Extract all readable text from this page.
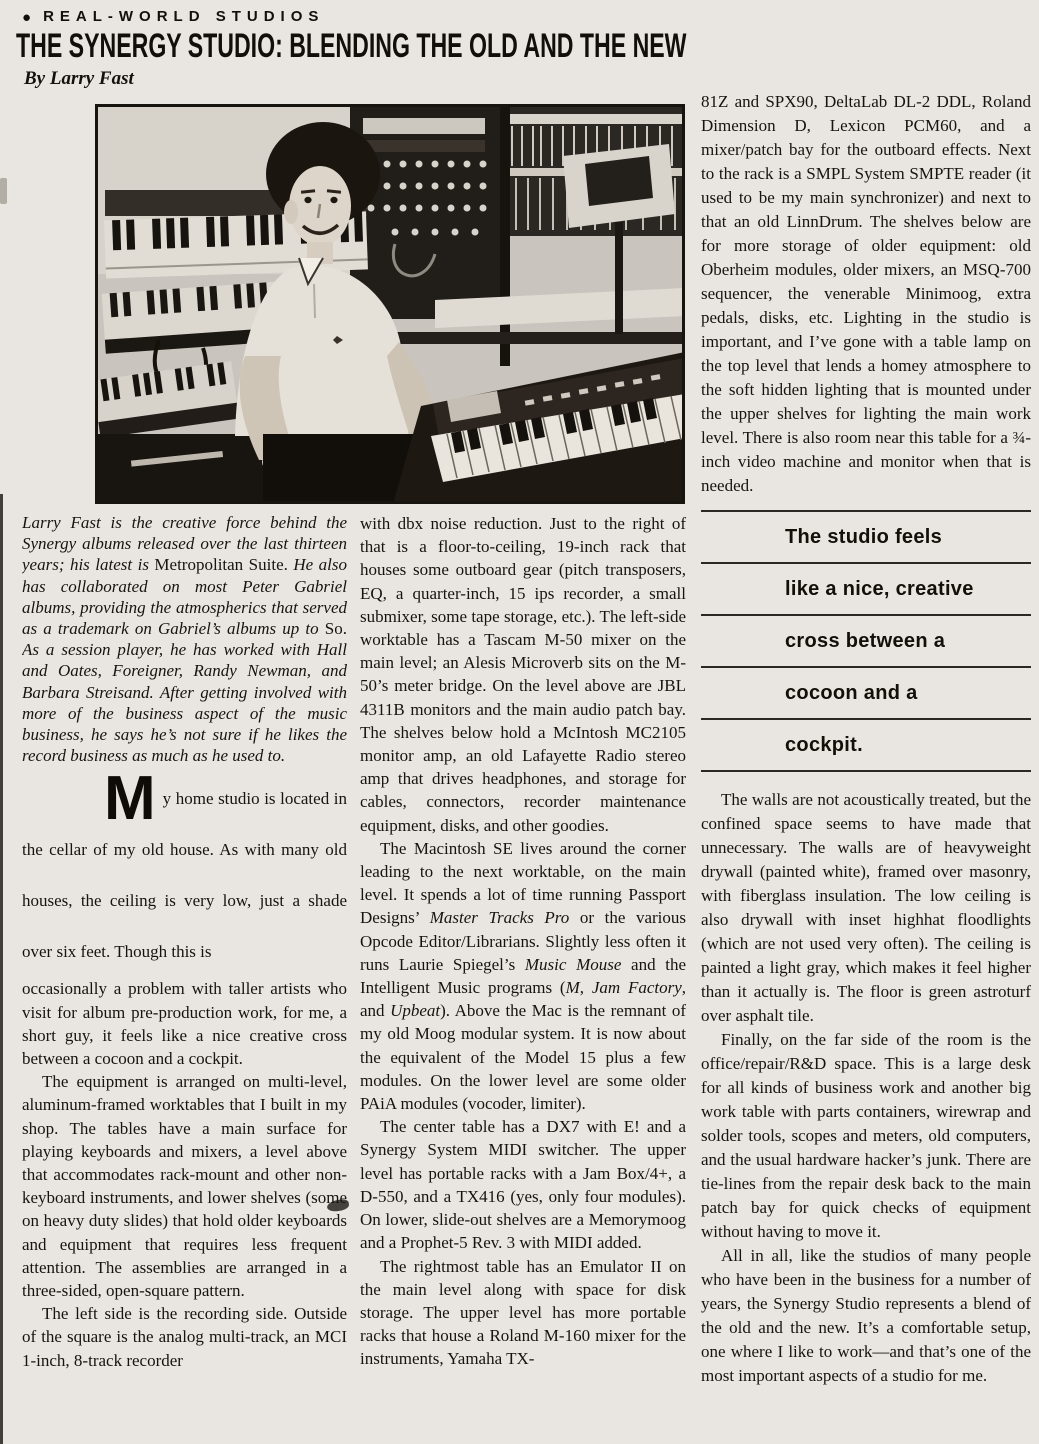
● REAL-WORLD STUDIOS
THE SYNERGY STUDIO: BLENDING THE OLD AND THE NEW
By Larry Fast
Larry Fast is the creative force behind the Synergy albums released over the last thirteen years; his latest is Metropolitan Suite. He also has collaborated on most Peter Gabriel albums, providing the atmospherics that served as a trademark on Gabriel’s albums up to So. As a session player, he has worked with Hall and Oates, Foreigner, Randy Newman, and Barbara Streisand. After getting involved with more of the business aspect of the music business, he says he’s not sure if he likes the record business as much as he used to.
My home studio is located in the cellar of my old house. As with many old houses, the ceiling is very low, just a shade over six feet. Though this is
occasionally a problem with taller artists who visit for album pre-production work, for me, a short guy, it feels like a nice creative cross between a cocoon and a cockpit.
The equipment is arranged on multi-level, aluminum-framed worktables that I built in my shop. The tables have a main surface for playing keyboards and mixers, a level above that accommodates rack-mount and other non-keyboard instruments, and lower shelves (some on heavy duty slides) that hold older keyboards and equipment that requires less frequent attention. The assemblies are arranged in a three-sided, open-square pattern.
The left side is the recording side. Outside of the square is the analog multi-track, an MCI 1-inch, 8-track recorder
with dbx noise reduction. Just to the right of that is a floor-to-ceiling, 19-inch rack that houses some outboard gear (pitch transposers, EQ, a quarter-inch, 15 ips recorder, a small submixer, some tape storage, etc.). The left-side worktable has a Tascam M-50 mixer on the main level; an Alesis Microverb sits on the M-50’s meter bridge. On the level above are JBL 4311B monitors and the main audio patch bay. The shelves below hold a McIntosh MC2105 monitor amp, an old Lafayette Radio stereo amp that drives headphones, and storage for cables, connectors, recorder maintenance equipment, disks, and other goodies.
The Macintosh SE lives around the corner leading to the next worktable, on the main level. It spends a lot of time running Passport Designs’ Master Tracks Pro or the various Opcode Editor/Librarians. Slightly less often it runs Laurie Spiegel’s Music Mouse and the Intelligent Music programs (M, Jam Factory, and Upbeat). Above the Mac is the remnant of my old Moog modular system. It is now about the equivalent of the Model 15 plus a few modules. On the lower level are some older PAiA modules (vocoder, limiter).
The center table has a DX7 with E! and a Synergy System MIDI switcher. The upper level has portable racks with a Jam Box/4+, a D-550, and a TX416 (yes, only four modules). On lower, slide-out shelves are a Memorymoog and a Prophet-5 Rev. 3 with MIDI added.
The rightmost table has an Emulator II on the main level along with space for disk storage. The upper level has more portable racks that house a Roland M-160 mixer for the instruments, Yamaha TX-
81Z and SPX90, DeltaLab DL-2 DDL, Roland Dimension D, Lexicon PCM60, and a mixer/patch bay for the outboard effects. Next to the rack is a SMPL System SMPTE reader (it used to be my main synchronizer) and next to that an old LinnDrum. The shelves below are for more storage of older equipment: old Oberheim modules, older mixers, an MSQ-700 sequencer, the venerable Minimoog, extra pedals, disks, etc. Lighting in the studio is important, and I’ve gone with a table lamp on the top level that lends a homey atmosphere to the soft hidden lighting that is mounted under the upper shelves for lighting the main work level. There is also room near this table for a ¾-inch video machine and monitor when that is needed.
The studio feels
like a nice, creative
cross between a
cocoon and a
cockpit.
The walls are not acoustically treated, but the confined space seems to have made that unnecessary. The walls are of heavyweight drywall (painted white), framed over masonry, with fiberglass insulation. The low ceiling is also drywall with inset highhat floodlights (which are not used very often). The ceiling is painted a light gray, which makes it feel higher than it actually is. The floor is green astroturf over asphalt tile.
Finally, on the far side of the room is the office/repair/R&D space. This is a large desk for all kinds of business work and another big work table with parts containers, wirewrap and solder tools, scopes and meters, old computers, and the usual hardware hacker’s junk. There are tie-lines from the repair desk back to the main patch bay for quick checks of equipment without having to move it.
All in all, like the studios of many people who have been in the business for a number of years, the Synergy Studio represents a blend of the old and the new. It’s a comfortable setup, one where I like to work—and that’s one of the most important aspects of a studio for me.
